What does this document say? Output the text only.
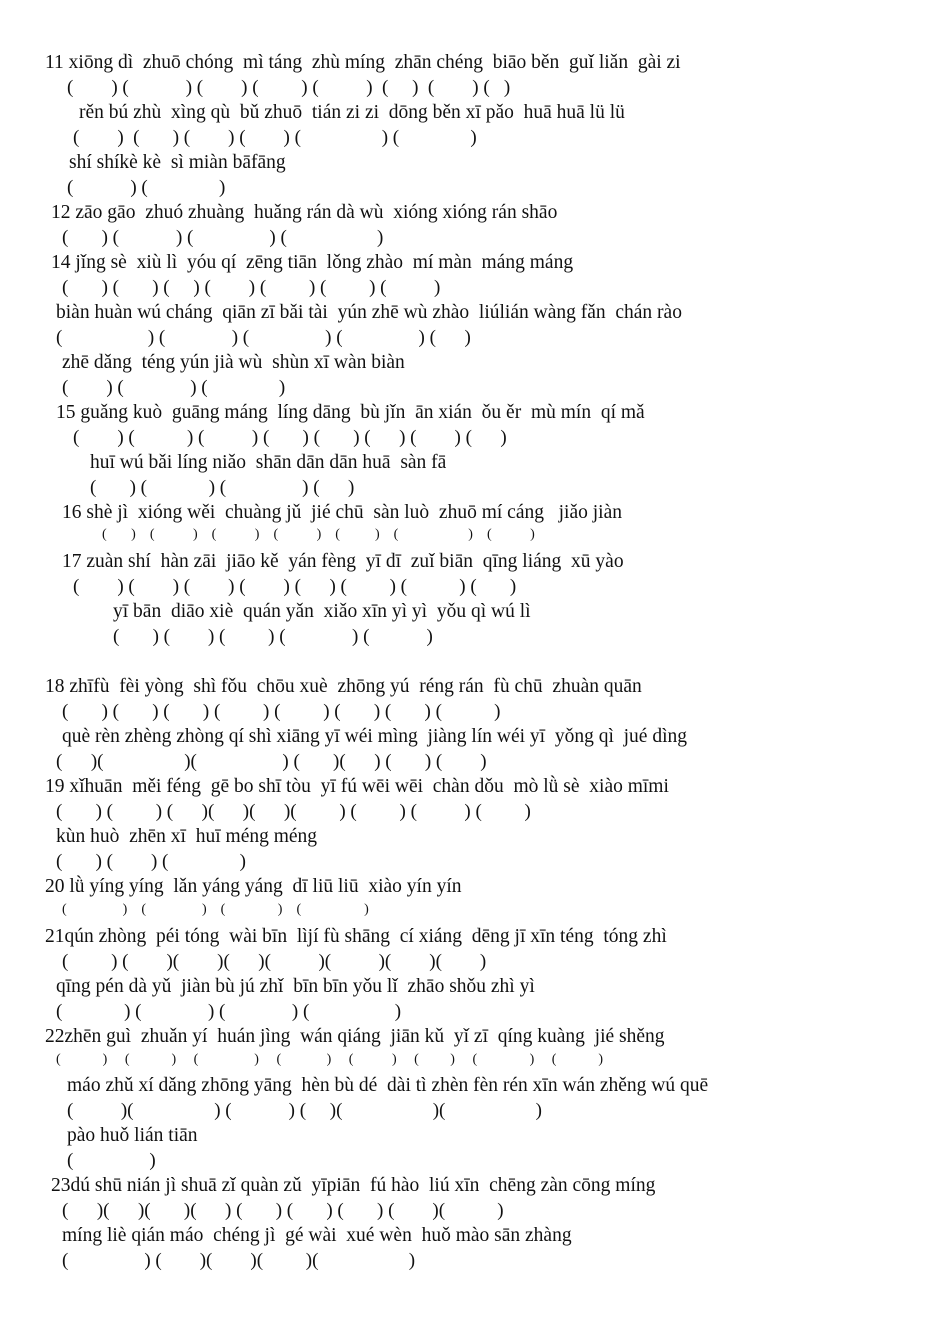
11 xiōng dì  zhuō chóng  mì táng  zhù míng  zhān chéng  biāo běn  guǐ liǎn  gài zi
(        ) (            ) (        ) (         ) (          )  (     )  (        ) (   )
rěn bú zhù  xìng qù  bǔ zhuō  tián zi zi  dōng běn xī pǎo  huā huā lü lü
(        )  (       ) (        ) (        ) (                 ) (               )
shí shíkè kè  sì miàn bāfāng
(            ) (               )
12 zāo gāo  zhuó zhuàng  huǎng rán dà wù  xióng xióng rán shāo
(       ) (            ) (                ) (                   )
14 jǐng sè  xiù lì  yóu qí  zēng tiān  lǒng zhào  mí màn  máng máng
(       ) (       ) (     ) (        ) (         ) (         ) (          )
biàn huàn wú cháng  qiān zī bǎi tài  yún zhē wù zhào  liúlián wàng fǎn  chán rào
(                  ) (              ) (                ) (                ) (      )
zhē dǎng  téng yún jià wù  shùn xī wàn biàn
(        ) (              ) (               )
15 guǎng kuò  guāng máng  líng dāng  bù jǐn  ān xián  ǒu ěr  mù mín  qí mǎ
(        ) (           ) (          ) (       ) (       ) (      ) (        ) (      )
huī wú bǎi líng niǎo  shān dān dān huā  sàn fā
(       ) (             ) (                ) (      )
16 shè jì  xióng wěi  chuàng jǔ  jié chū  sàn luò  zhuō mí cáng   jiǎo jiàn
(       )    (           )    (           )    (           )    (          )    (                    )    (           )
17 zuàn shí  hàn zāi  jiāo kě  yán fèng  yī dī  zuǐ biān  qīng liáng  xū yào
(        ) (        ) (        ) (        ) (      ) (         ) (           ) (       )
yī bān  diāo xiè  quán yǎn  xiǎo xīn yì yì  yǒu qì wú lì
(       ) (        ) (         ) (              ) (            )
18 zhīfù  fèi yòng  shì fǒu  chōu xuè  zhōng yú  réng rán  fù chū  zhuàn quān
(       ) (       ) (       ) (         ) (         ) (       ) (       ) (           )
què rèn zhèng zhòng qí shì xiāng yī wéi mìng  jiàng lín wéi yī  yǒng qì  jué dìng
(      )(                 )(                  ) (       )(      ) (       ) (        )
19 xǐhuān  měi féng  gē bo shī tòu  yī fú wēi wēi  chàn dǒu  mò lǜ sè  xiào mīmi
(       ) (         ) (      )(      )(      )(         ) (         ) (          ) (         )
kùn huò  zhēn xī  huī méng méng
(       ) (        ) (               )
20 lǜ yíng yíng  lǎn yáng yáng  dī liū liū  xiào yín yín
(                )    (                )    (               )    (                  )
21qún zhòng  péi tóng  wài bīn  lìjí fù shāng  cí xiáng  dēng jī xīn téng  tóng zhì
(         ) (        )(        )(      )(          )(          )(        )(        )
qīng pén dà yǔ  jiàn bù jú zhǐ  bīn bīn yǒu lǐ  zhāo shǒu zhì yì
(             ) (              ) (              ) (                  )
22zhēn guì  zhuǎn yí  huán jìng  wán qiáng  jiān kǔ  yǐ zī  qíng kuàng  jié shěng
(            )     (            )     (                )     (             )     (           )     (         )     (               )     (            )
máo zhǔ xí dǎng zhōng yāng  hèn bù dé  dài tì zhèn fèn rén xīn wán zhěng wú quē
(          )(                 ) (            ) (     )(                   )(                   )
pào huǒ lián tiān
(                )
23dú shū nián jì shuā zǐ quàn zǔ  yīpiān  fú hào  liú xīn  chēng zàn cōng míng
(      )(      )(       )(      ) (       ) (       ) (       ) (        )(           )
míng liè qián máo  chéng jì  gé wài  xué wèn  huǒ mào sān zhàng
(                ) (        )(        )(         )(                   )
